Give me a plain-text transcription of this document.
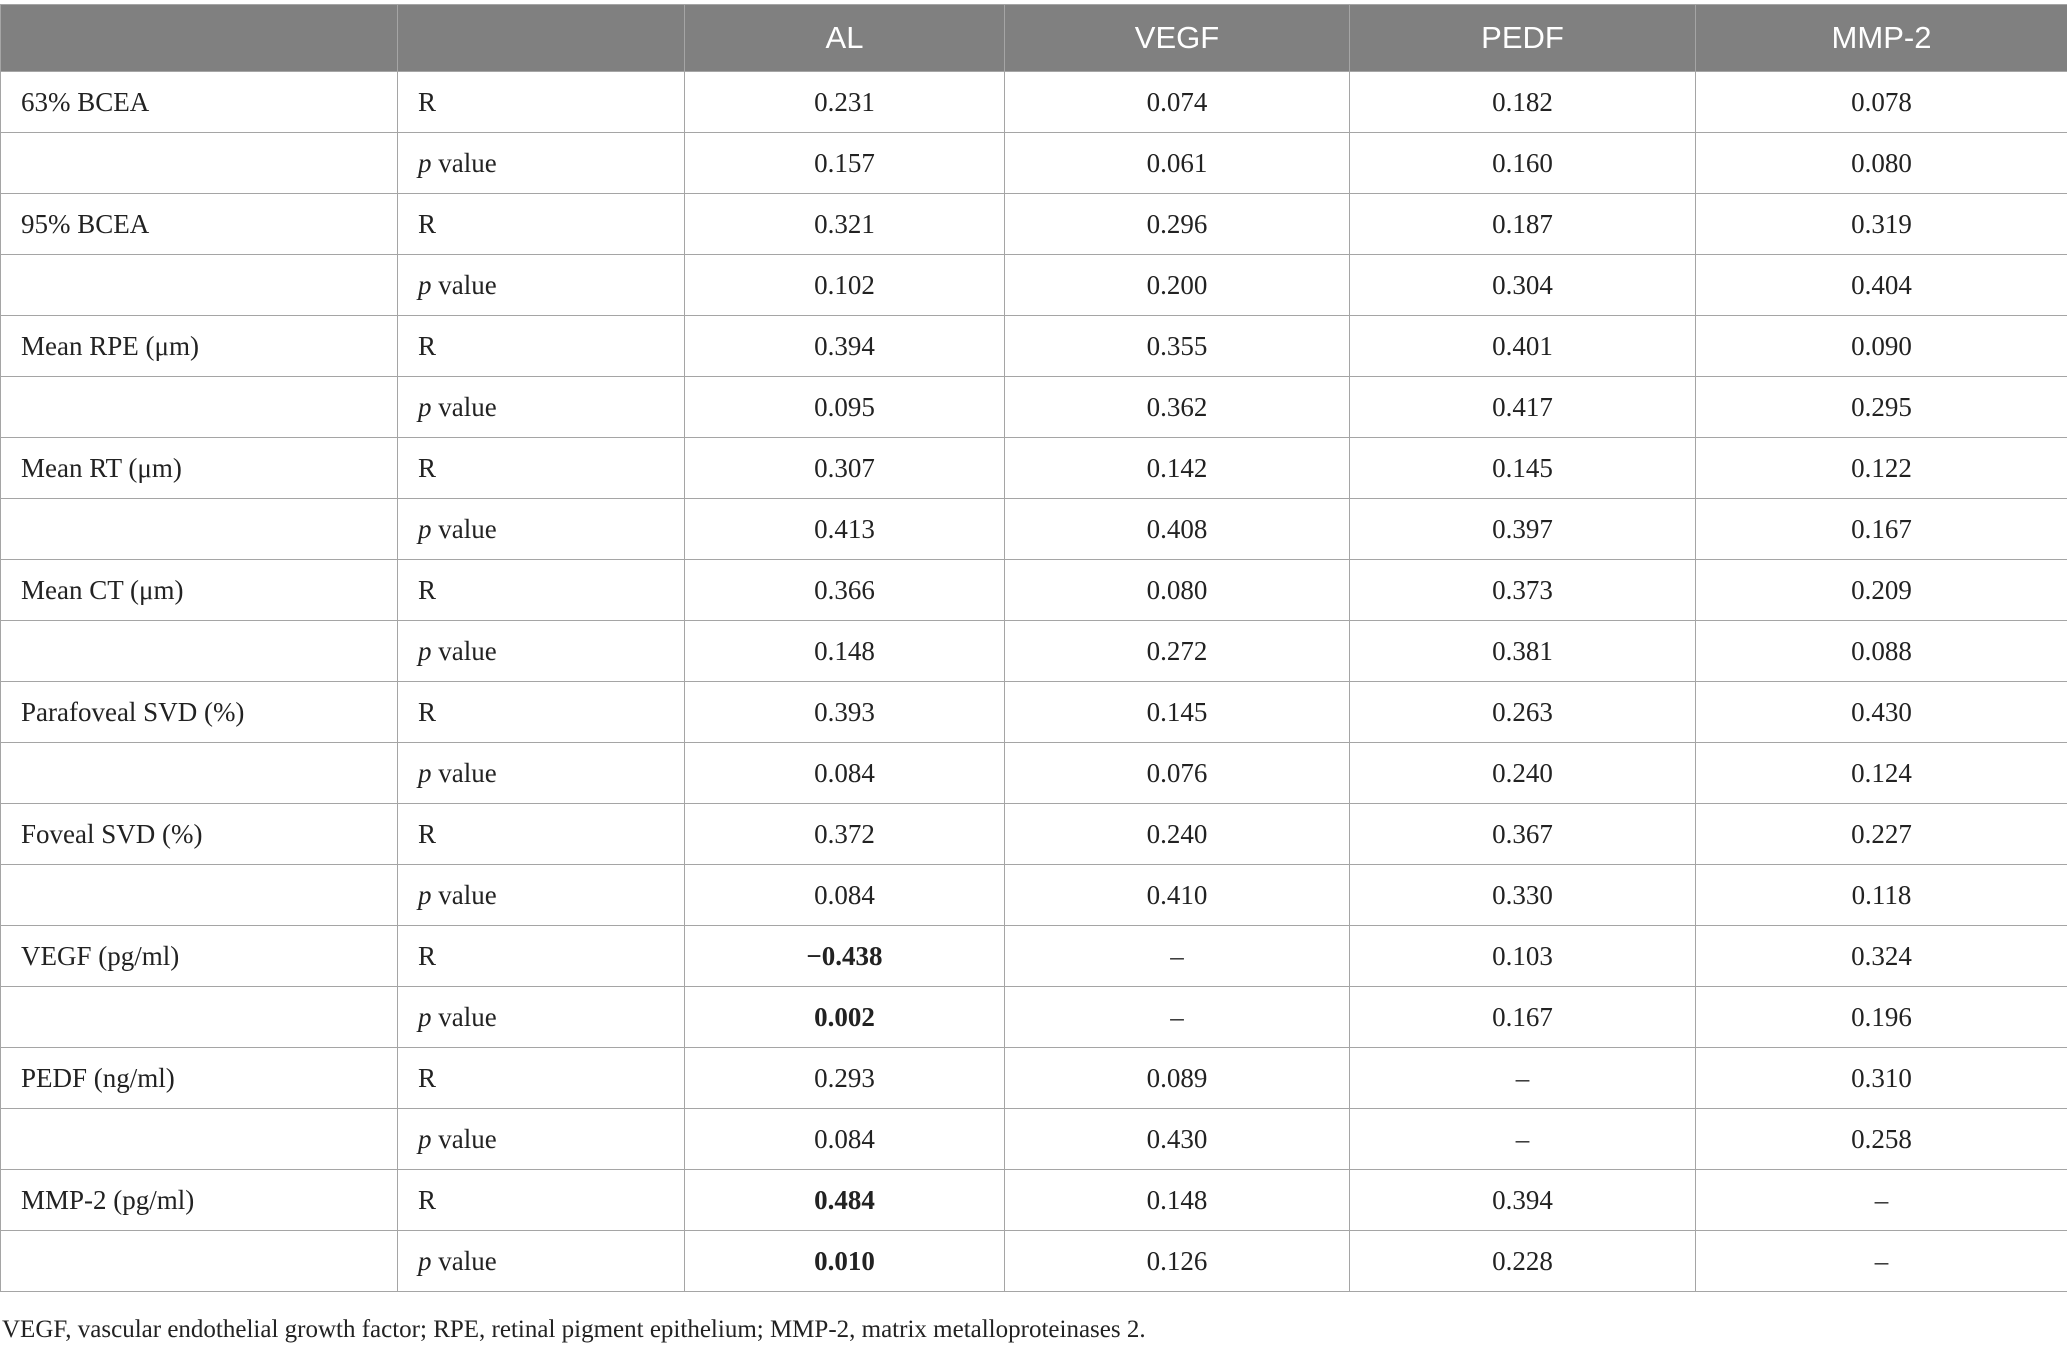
		AL	VEGF	PEDF	MMP-2
63% BCEA	R	0.231	0.074	0.182	0.078
	p value	0.157	0.061	0.160	0.080
95% BCEA	R	0.321	0.296	0.187	0.319
	p value	0.102	0.200	0.304	0.404
Mean RPE (μm)	R	0.394	0.355	0.401	0.090
	p value	0.095	0.362	0.417	0.295
Mean RT (μm)	R	0.307	0.142	0.145	0.122
	p value	0.413	0.408	0.397	0.167
Mean CT (μm)	R	0.366	0.080	0.373	0.209
	p value	0.148	0.272	0.381	0.088
Parafoveal SVD (%)	R	0.393	0.145	0.263	0.430
	p value	0.084	0.076	0.240	0.124
Foveal SVD (%)	R	0.372	0.240	0.367	0.227
	p value	0.084	0.410	0.330	0.118
VEGF (pg/ml)	R	−0.438	–	0.103	0.324
	p value	0.002	–	0.167	0.196
PEDF (ng/ml)	R	0.293	0.089	–	0.310
	p value	0.084	0.430	–	0.258
MMP-2 (pg/ml)	R	0.484	0.148	0.394	–
	p value	0.010	0.126	0.228	–

VEGF, vascular endothelial growth factor; RPE, retinal pigment epithelium; MMP-2, matrix metalloproteinases 2.
